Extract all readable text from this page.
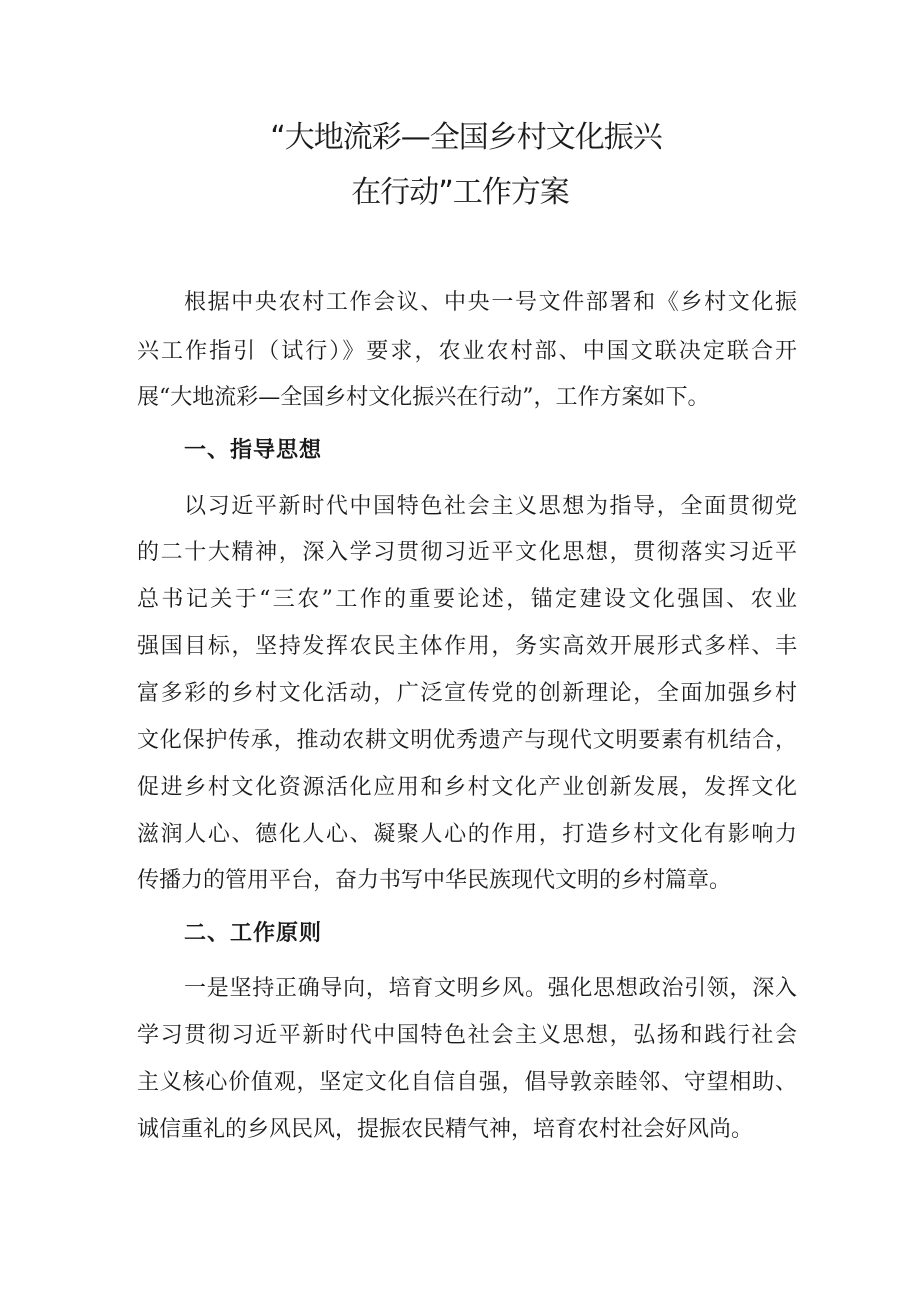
“大地流彩—全国乡村文化振兴
在行动”工作方案
根据中央农村工作会议、中央一号文件部署和《乡村文化振
兴工作指引（试行）》要求，农业农村部、中国文联决定联合开
展“大地流彩—全国乡村文化振兴在行动”，工作方案如下。
一、指导思想
以习近平新时代中国特色社会主义思想为指导，全面贯彻党
的二十大精神，深入学习贯彻习近平文化思想，贯彻落实习近平
总书记关于“三农”工作的重要论述，锚定建设文化强国、农业
强国目标，坚持发挥农民主体作用，务实高效开展形式多样、丰
富多彩的乡村文化活动，广泛宣传党的创新理论，全面加强乡村
文化保护传承，推动农耕文明优秀遗产与现代文明要素有机结合，
促进乡村文化资源活化应用和乡村文化产业创新发展，发挥文化
滋润人心、德化人心、凝聚人心的作用，打造乡村文化有影响力
传播力的管用平台，奋力书写中华民族现代文明的乡村篇章。
二、工作原则
一是坚持正确导向，培育文明乡风。强化思想政治引领，深入
学习贯彻习近平新时代中国特色社会主义思想，弘扬和践行社会
主义核心价值观，坚定文化自信自强，倡导敦亲睦邻、守望相助、
诚信重礼的乡风民风，提振农民精气神，培育农村社会好风尚。
